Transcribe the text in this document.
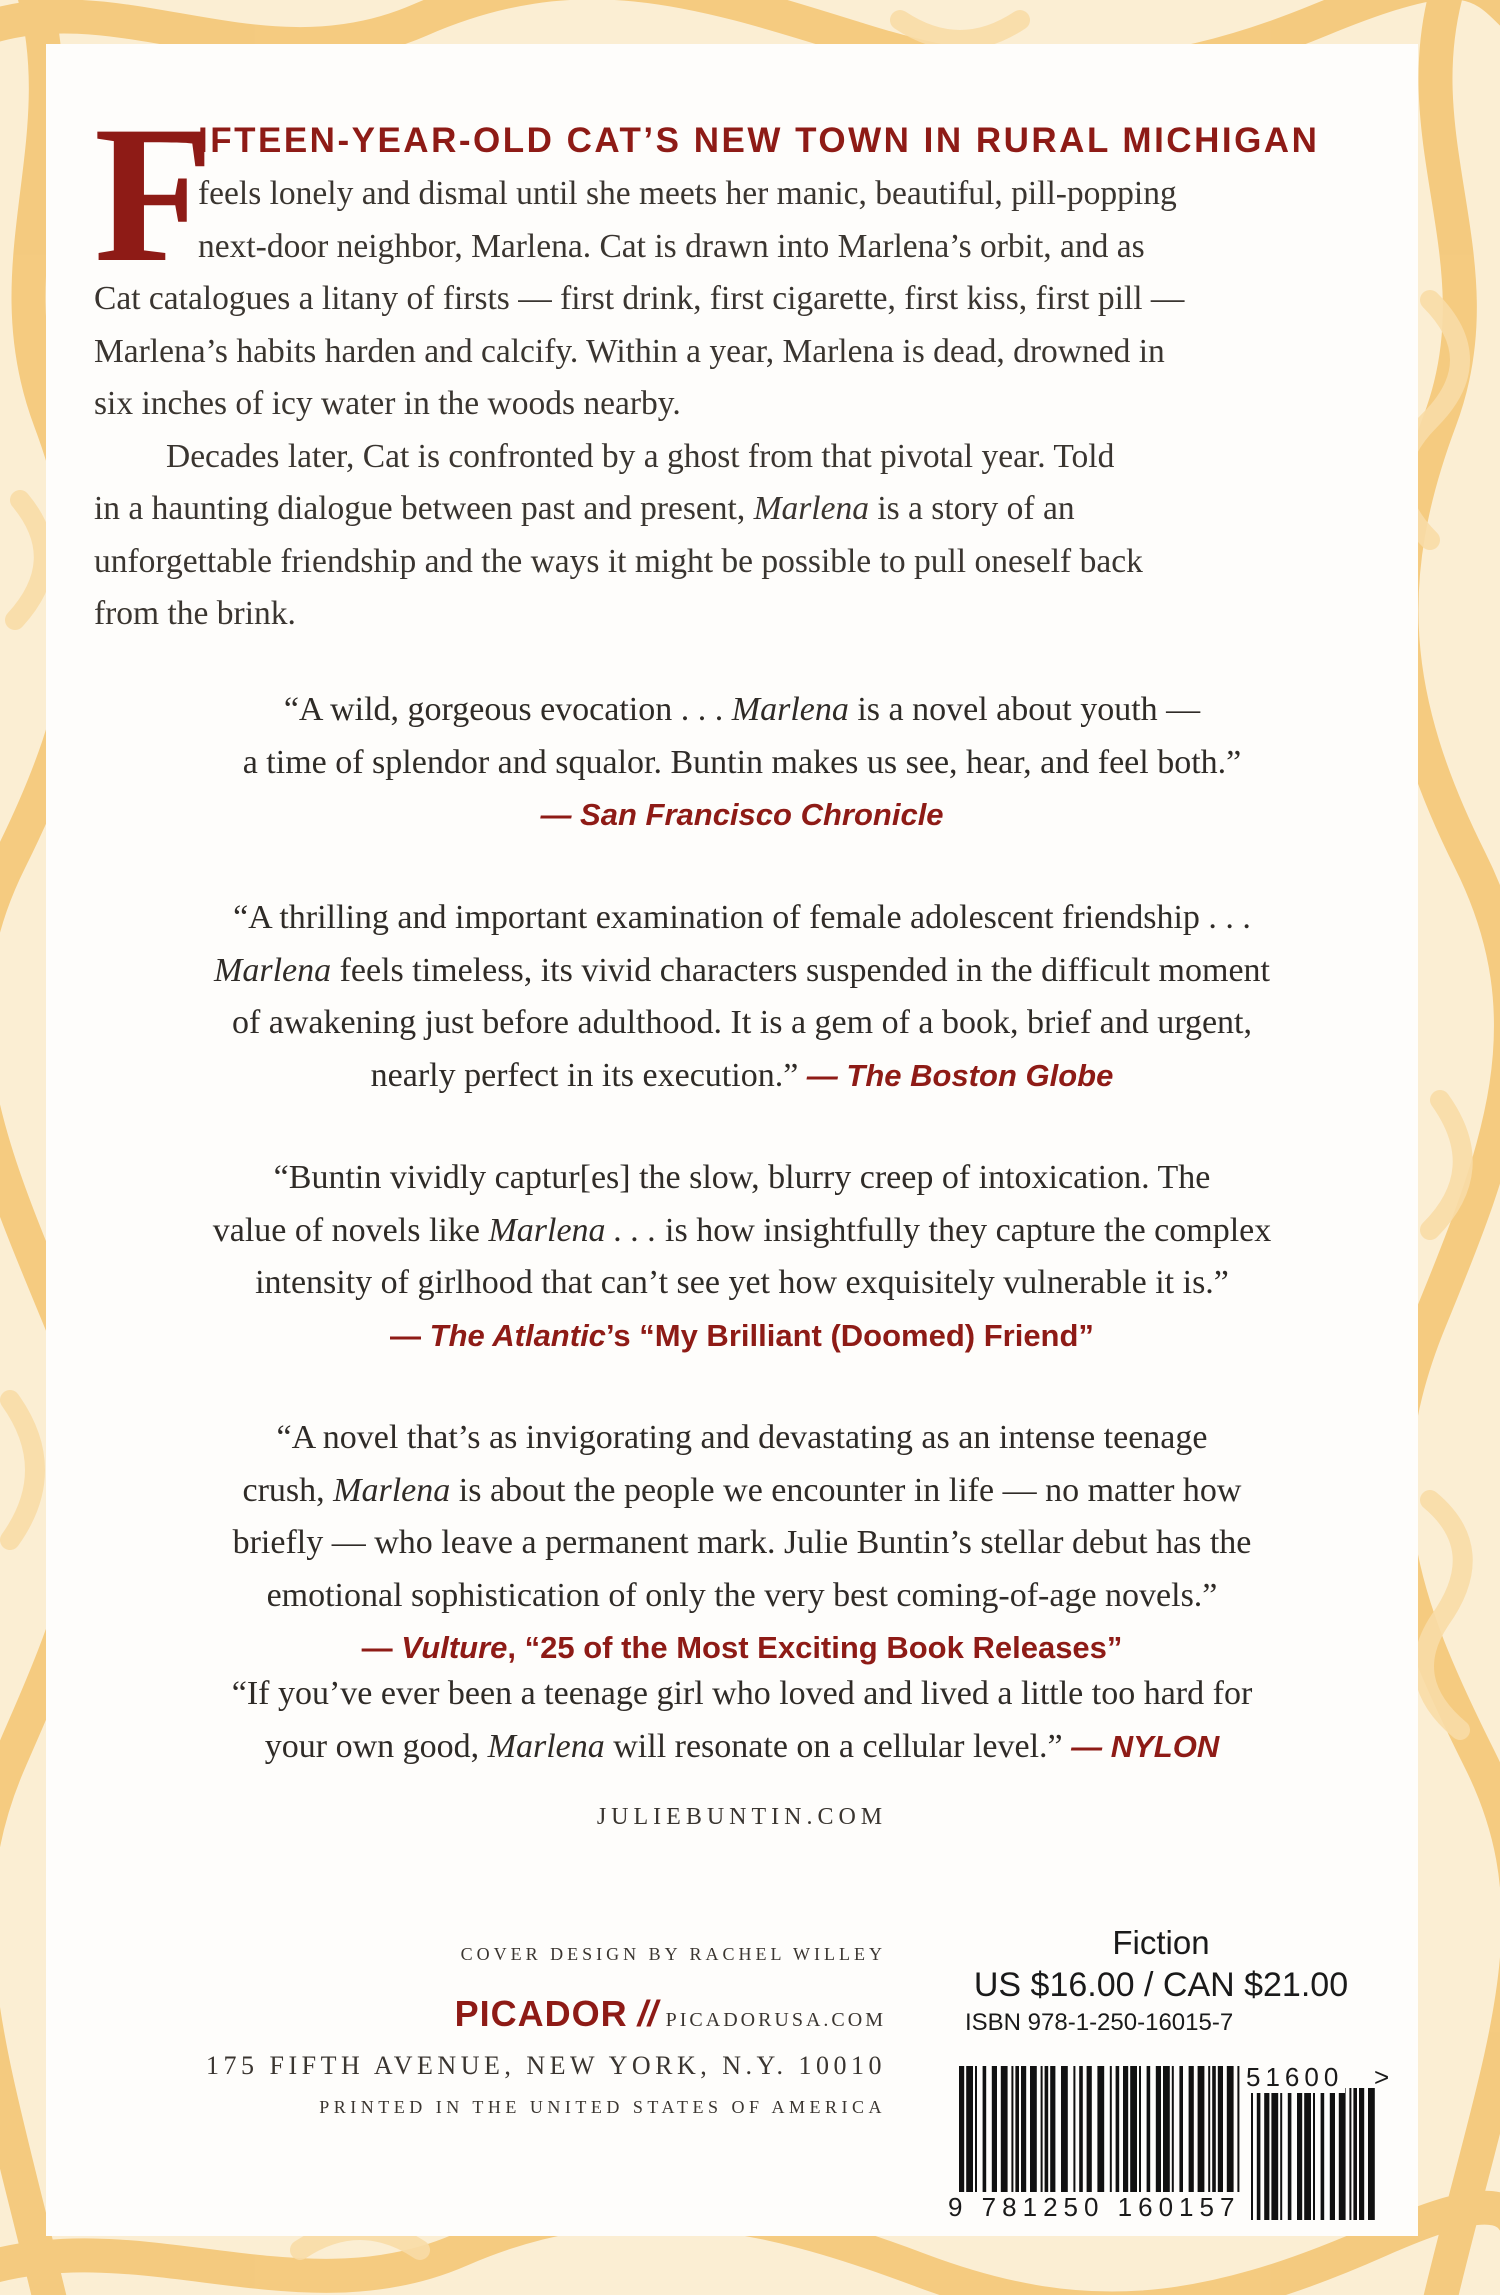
F
IFTEEN-YEAR-OLD CAT’S NEW TOWN IN RURAL MICHIGAN
feels lonely and dismal until she meets her manic, beautiful, pill-popping
next-door neighbor, Marlena. Cat is drawn into Marlena’s orbit, and as
Cat catalogues a litany of firsts — first drink, first cigarette, first kiss, first pill —
Marlena’s habits harden and calcify. Within a year, Marlena is dead, drowned in
six inches of icy water in the woods nearby.
Decades later, Cat is confronted by a ghost from that pivotal year. Told
in a haunting dialogue between past and present, Marlena is a story of an
unforgettable friendship and the ways it might be possible to pull oneself back
from the brink.
“A wild, gorgeous evocation . . . Marlena is a novel about youth —
a time of splendor and squalor. Buntin makes us see, hear, and feel both.”
— San Francisco Chronicle
“A thrilling and important examination of female adolescent friendship . . .
Marlena feels timeless, its vivid characters suspended in the difficult moment
of awakening just before adulthood. It is a gem of a book, brief and urgent,
nearly perfect in its execution.” — The Boston Globe
“Buntin vividly captur[es] the slow, blurry creep of intoxication. The
value of novels like Marlena . . . is how insightfully they capture the complex
intensity of girlhood that can’t see yet how exquisitely vulnerable it is.”
— The Atlantic’s “My Brilliant (Doomed) Friend”
“A novel that’s as invigorating and devastating as an intense teenage
crush, Marlena is about the people we encounter in life — no matter how
briefly — who leave a permanent mark. Julie Buntin’s stellar debut has the
emotional sophistication of only the very best coming-of-age novels.”
— Vulture, “25 of the Most Exciting Book Releases”
“If you’ve ever been a teenage girl who loved and lived a little too hard for
your own good, Marlena will resonate on a cellular level.” — NYLON
JULIEBUNTIN.COM
COVER DESIGN BY RACHEL WILLEY
PICADOR // PICADORUSA.COM
175 FIFTH AVENUE, NEW YORK, N.Y. 10010
PRINTED IN THE UNITED STATES OF AMERICA
Fiction
US $16.00 / CAN $21.00
ISBN 978-1-250-16015-7
9 781250 160157
51600 >
